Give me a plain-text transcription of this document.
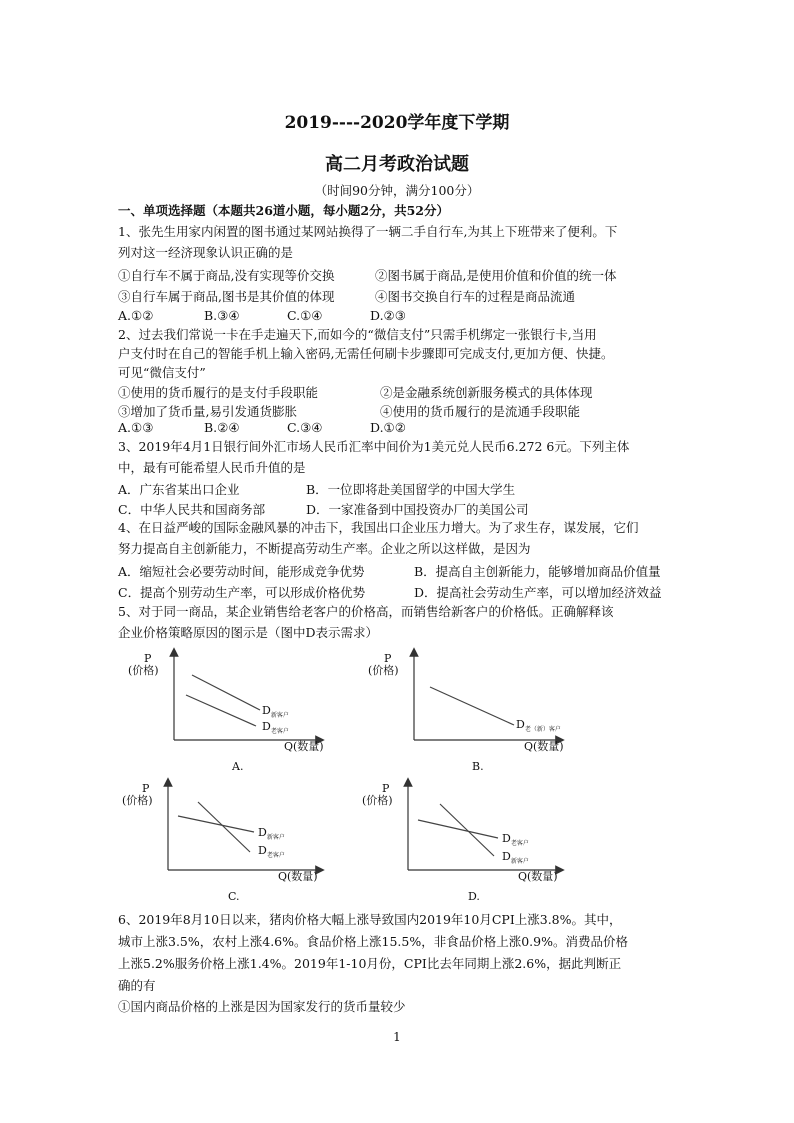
2019----2020学年度下学期
高二月考政治试题
（时间90分钟，满分100分）
一、单项选择题（本题共26道小题，每小题2分，共52分）
1、张先生用家内闲置的图书通过某网站换得了一辆二手自行车,为其上下班带来了便利。下
列对这一经济现象认识正确的是
①自行车不属于商品,没有实现等价交换	②图书属于商品,是使用价值和价值的统一体
③自行车属于商品,图书是其价值的体现	④图书交换自行车的过程是商品流通
A.①②	B.③④	C.①④	D.②③
2、过去我们常说一卡在手走遍天下,而如今的“微信支付”只需手机绑定一张银行卡,当用
户支付时在自己的智能手机上输入密码,无需任何刷卡步骤即可完成支付,更加方便、快捷。
可见“微信支付”
①使用的货币履行的是支付手段职能	②是金融系统创新服务模式的具体体现
③增加了货币量,易引发通货膨胀	④使用的货币履行的是流通手段职能
A.①③	B.②④	C.③④	D.①②
3、2019年4月1日银行间外汇市场人民币汇率中间价为1美元兑人民币6.272 6元。下列主体
中，最有可能希望人民币升值的是
A．广东省某出口企业	B．一位即将赴美国留学的中国大学生
C．中华人民共和国商务部	D．一家准备到中国投资办厂的美国公司
4、在日益严峻的国际金融风暴的冲击下，我国出口企业压力增大。为了求生存，谋发展，它们
努力提高自主创新能力，不断提高劳动生产率。企业之所以这样做，是因为
A．缩短社会必要劳动时间，能形成竞争优势	B．提高自主创新能力，能够增加商品价值量
C．提高个别劳动生产率，可以形成价格优势	D．提高社会劳动生产率，可以增加经济效益
5、对于同一商品，某企业销售给老客户的价格高，而销售给新客户的价格低。正确解释该
企业价格策略原因的图示是（图中D表示需求）
P
(价格)
Q(数量)
$D_{新客户}$
$D_{老客户}$
A.
P
(价格)
Q(数量)
$D_{老(新)客户}$
B.
P
(价格)
Q(数量)
$D_{新客户}$
$D_{老客户}$
C.
P
(价格)
Q(数量)
$D_{老客户}$
$D_{新客户}$
D.
6、2019年8月10日以来，猪肉价格大幅上涨导致国内2019年10月CPI上涨3.8%。其中，
城市上涨3.5%，农村上涨4.6%。食品价格上涨15.5%，非食品价格上涨0.9%。消费品价格
上涨5.2%服务价格上涨1.4%。2019年1-10月份，CPI比去年同期上涨2.6%，据此判断正
确的有
①国内商品价格的上涨是因为国家发行的货币量较少
1
